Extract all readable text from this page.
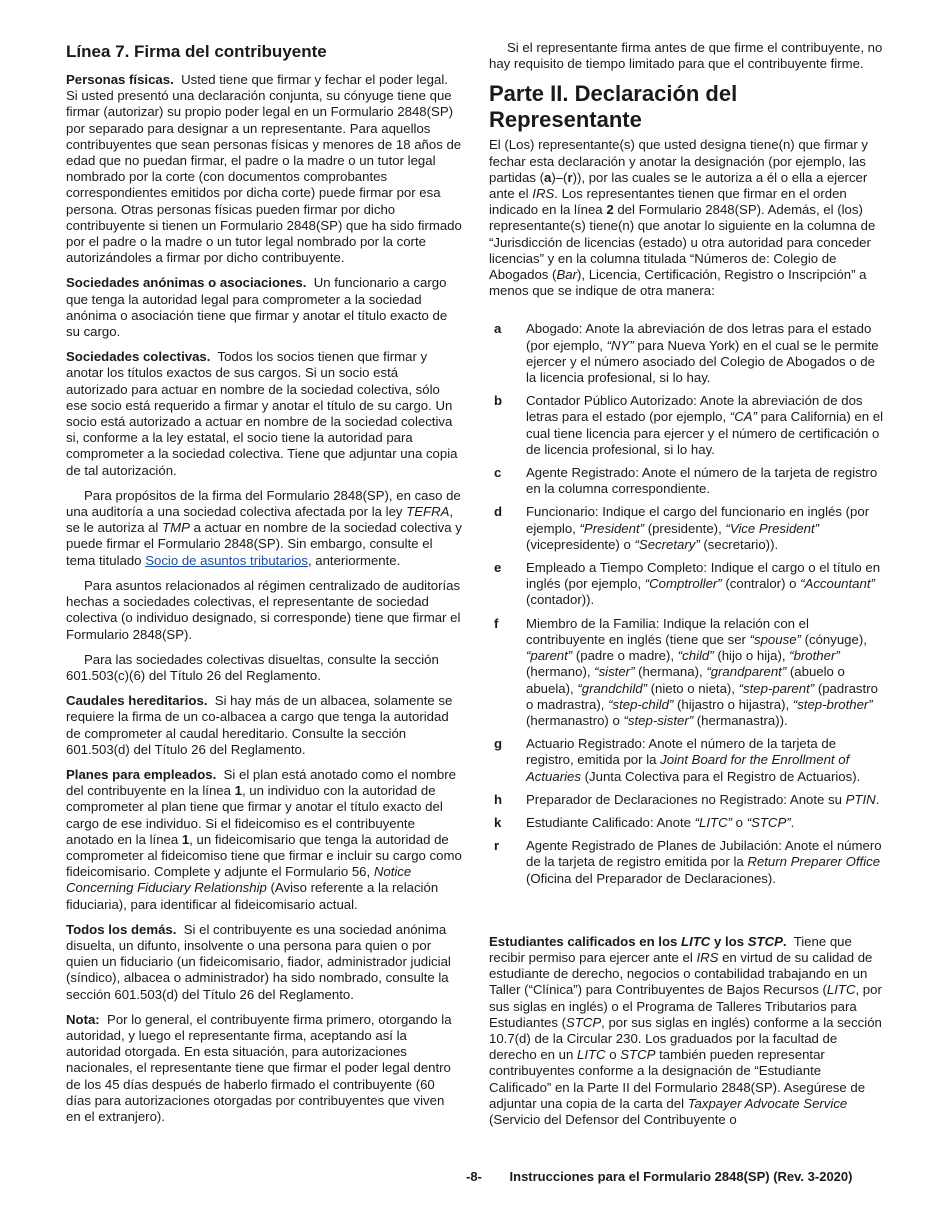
Línea 7. Firma del contribuyente

Personas físicas. Usted tiene que firmar y fechar el poder legal. Si usted presentó una declaración conjunta, su cónyuge tiene que firmar (autorizar) su propio poder legal en un Formulario 2848(SP) por separado para designar a un representante. Para aquellos contribuyentes que sean personas físicas y menores de 18 años de edad que no puedan firmar, el padre o la madre o un tutor legal nombrado por la corte (con documentos comprobantes correspondientes emitidos por dicha corte) puede firmar por esa persona. Otras personas físicas pueden firmar por dicho contribuyente si tienen un Formulario 2848(SP) que ha sido firmado por el padre o la madre o un tutor legal nombrado por la corte autorizándoles a firmar por dicho contribuyente.

Sociedades anónimas o asociaciones. Un funcionario a cargo que tenga la autoridad legal para comprometer a la sociedad anónima o asociación tiene que firmar y anotar el título exacto de su cargo.

Sociedades colectivas. Todos los socios tienen que firmar y anotar los títulos exactos de sus cargos. Si un socio está autorizado para actuar en nombre de la sociedad colectiva, sólo ese socio está requerido a firmar y anotar el título de su cargo. Un socio está autorizado a actuar en nombre de la sociedad colectiva si, conforme a la ley estatal, el socio tiene la autoridad para comprometer a la sociedad colectiva. Tiene que adjuntar una copia de tal autorización.

Para propósitos de la firma del Formulario 2848(SP), en caso de una auditoría a una sociedad colectiva afectada por la ley TEFRA, se le autoriza al TMP a actuar en nombre de la sociedad colectiva y puede firmar el Formulario 2848(SP). Sin embargo, consulte el tema titulado Socio de asuntos tributarios, anteriormente.

Para asuntos relacionados al régimen centralizado de auditorías hechas a sociedades colectivas, el representante de sociedad colectiva (o individuo designado, si corresponde) tiene que firmar el Formulario 2848(SP).

Para las sociedades colectivas disueltas, consulte la sección 601.503(c)(6) del Título 26 del Reglamento.

Caudales hereditarios. Si hay más de un albacea, solamente se requiere la firma de un co-albacea a cargo que tenga la autoridad de comprometer al caudal hereditario. Consulte la sección 601.503(d) del Título 26 del Reglamento.

Planes para empleados. Si el plan está anotado como el nombre del contribuyente en la línea 1, un individuo con la autoridad de comprometer al plan tiene que firmar y anotar el título exacto del cargo de ese individuo. Si el fideicomiso es el contribuyente anotado en la línea 1, un fideicomisario que tenga la autoridad de comprometer al fideicomiso tiene que firmar e incluir su cargo como fideicomisario. Complete y adjunte el Formulario 56, Notice Concerning Fiduciary Relationship (Aviso referente a la relación fiduciaria), para identificar al fideicomisario actual.

Todos los demás. Si el contribuyente es una sociedad anónima disuelta, un difunto, insolvente o una persona para quien o por quien un fiduciario (un fideicomisario, fiador, administrador judicial (síndico), albacea o administrador) ha sido nombrado, consulte la sección 601.503(d) del Título 26 del Reglamento.

Nota: Por lo general, el contribuyente firma primero, otorgando la autoridad, y luego el representante firma, aceptando así la autoridad otorgada. En esta situación, para autorizaciones nacionales, el representante tiene que firmar el poder legal dentro de los 45 días después de haberlo firmado el contribuyente (60 días para autorizaciones otorgadas por contribuyentes que viven en el extranjero).

Si el representante firma antes de que firme el contribuyente, no hay requisito de tiempo limitado para que el contribuyente firme.

Parte II. Declaración del Representante

El (Los) representante(s) que usted designa tiene(n) que firmar y fechar esta declaración y anotar la designación (por ejemplo, las partidas (a)–(r)), por las cuales se le autoriza a él o ella a ejercer ante el IRS. Los representantes tienen que firmar en el orden indicado en la línea 2 del Formulario 2848(SP). Además, el (los) representante(s) tiene(n) que anotar lo siguiente en la columna de “Jurisdicción de licencias (estado) u otra autoridad para conceder licencias” y en la columna titulada “Números de: Colegio de Abogados (Bar), Licencia, Certificación, Registro o Inscripción” a menos que se indique de otra manera:

a	Abogado: Anote la abreviación de dos letras para el estado (por ejemplo, “NY” para Nueva York) en el cual se le permite ejercer y el número asociado del Colegio de Abogados o de la licencia profesional, si lo hay.
b	Contador Público Autorizado: Anote la abreviación de dos letras para el estado (por ejemplo, “CA” para California) en el cual tiene licencia para ejercer y el número de certificación o de licencia profesional, si lo hay.
c	Agente Registrado: Anote el número de la tarjeta de registro en la columna correspondiente.
d	Funcionario: Indique el cargo del funcionario en inglés (por ejemplo, “President” (presidente), “Vice President” (vicepresidente) o “Secretary” (secretario)).
e	Empleado a Tiempo Completo: Indique el cargo o el título en inglés (por ejemplo, “Comptroller” (contralor) o “Accountant” (contador)).
f	Miembro de la Familia: Indique la relación con el contribuyente en inglés (tiene que ser “spouse” (cónyuge), “parent” (padre o madre), “child” (hijo o hija), “brother” (hermano), “sister” (hermana), “grandparent” (abuelo o abuela), “grandchild” (nieto o nieta), “step-parent” (padrastro o madrastra), “step-child” (hijastro o hijastra), “step-brother” (hermanastro) o “step-sister” (hermanastra)).
g	Actuario Registrado: Anote el número de la tarjeta de registro, emitida por la Joint Board for the Enrollment of Actuaries (Junta Colectiva para el Registro de Actuarios).
h	Preparador de Declaraciones no Registrado: Anote su PTIN.
k	Estudiante Calificado: Anote “LITC” o “STCP”.
r	Agente Registrado de Planes de Jubilación: Anote el número de la tarjeta de registro emitida por la Return Preparer Office (Oficina del Preparador de Declaraciones).

Estudiantes calificados en los LITC y los STCP. Tiene que recibir permiso para ejercer ante el IRS en virtud de su calidad de estudiante de derecho, negocios o contabilidad trabajando en un Taller (“Clínica”) para Contribuyentes de Bajos Recursos (LITC, por sus siglas en inglés) o el Programa de Talleres Tributarios para Estudiantes (STCP, por sus siglas en inglés) conforme a la sección 10.7(d) de la Circular 230. Los graduados por la facultad de derecho en un LITC o STCP también pueden representar contribuyentes conforme a la designación de “Estudiante Calificado” en la Parte II del Formulario 2848(SP). Asegúrese de adjuntar una copia de la carta del Taxpayer Advocate Service (Servicio del Defensor del Contribuyente o

-8- Instrucciones para el Formulario 2848(SP) (Rev. 3-2020)
